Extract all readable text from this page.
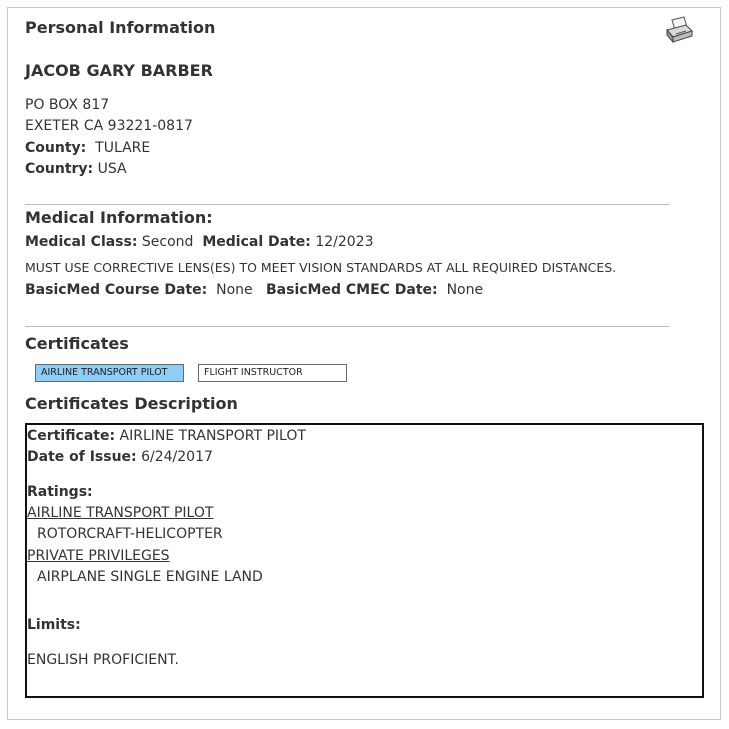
Personal Information
JACOB GARY BARBER
PO BOX 817
EXETER CA 93221-0817
County: TULARE
Country: USA
Medical Information:
Medical Class: Second Medical Date: 12/2023
MUST USE CORRECTIVE LENS(ES) TO MEET VISION STANDARDS AT ALL REQUIRED DISTANCES.
BasicMed Course Date: None BasicMed CMEC Date: None
Certificates
AIRLINE TRANSPORT PILOT	FLIGHT INSTRUCTOR
Certificates Description
Certificate: AIRLINE TRANSPORT PILOT
Date of Issue: 6/24/2017
Ratings:
AIRLINE TRANSPORT PILOT
ROTORCRAFT-HELICOPTER
PRIVATE PRIVILEGES
AIRPLANE SINGLE ENGINE LAND
Limits:
ENGLISH PROFICIENT.
